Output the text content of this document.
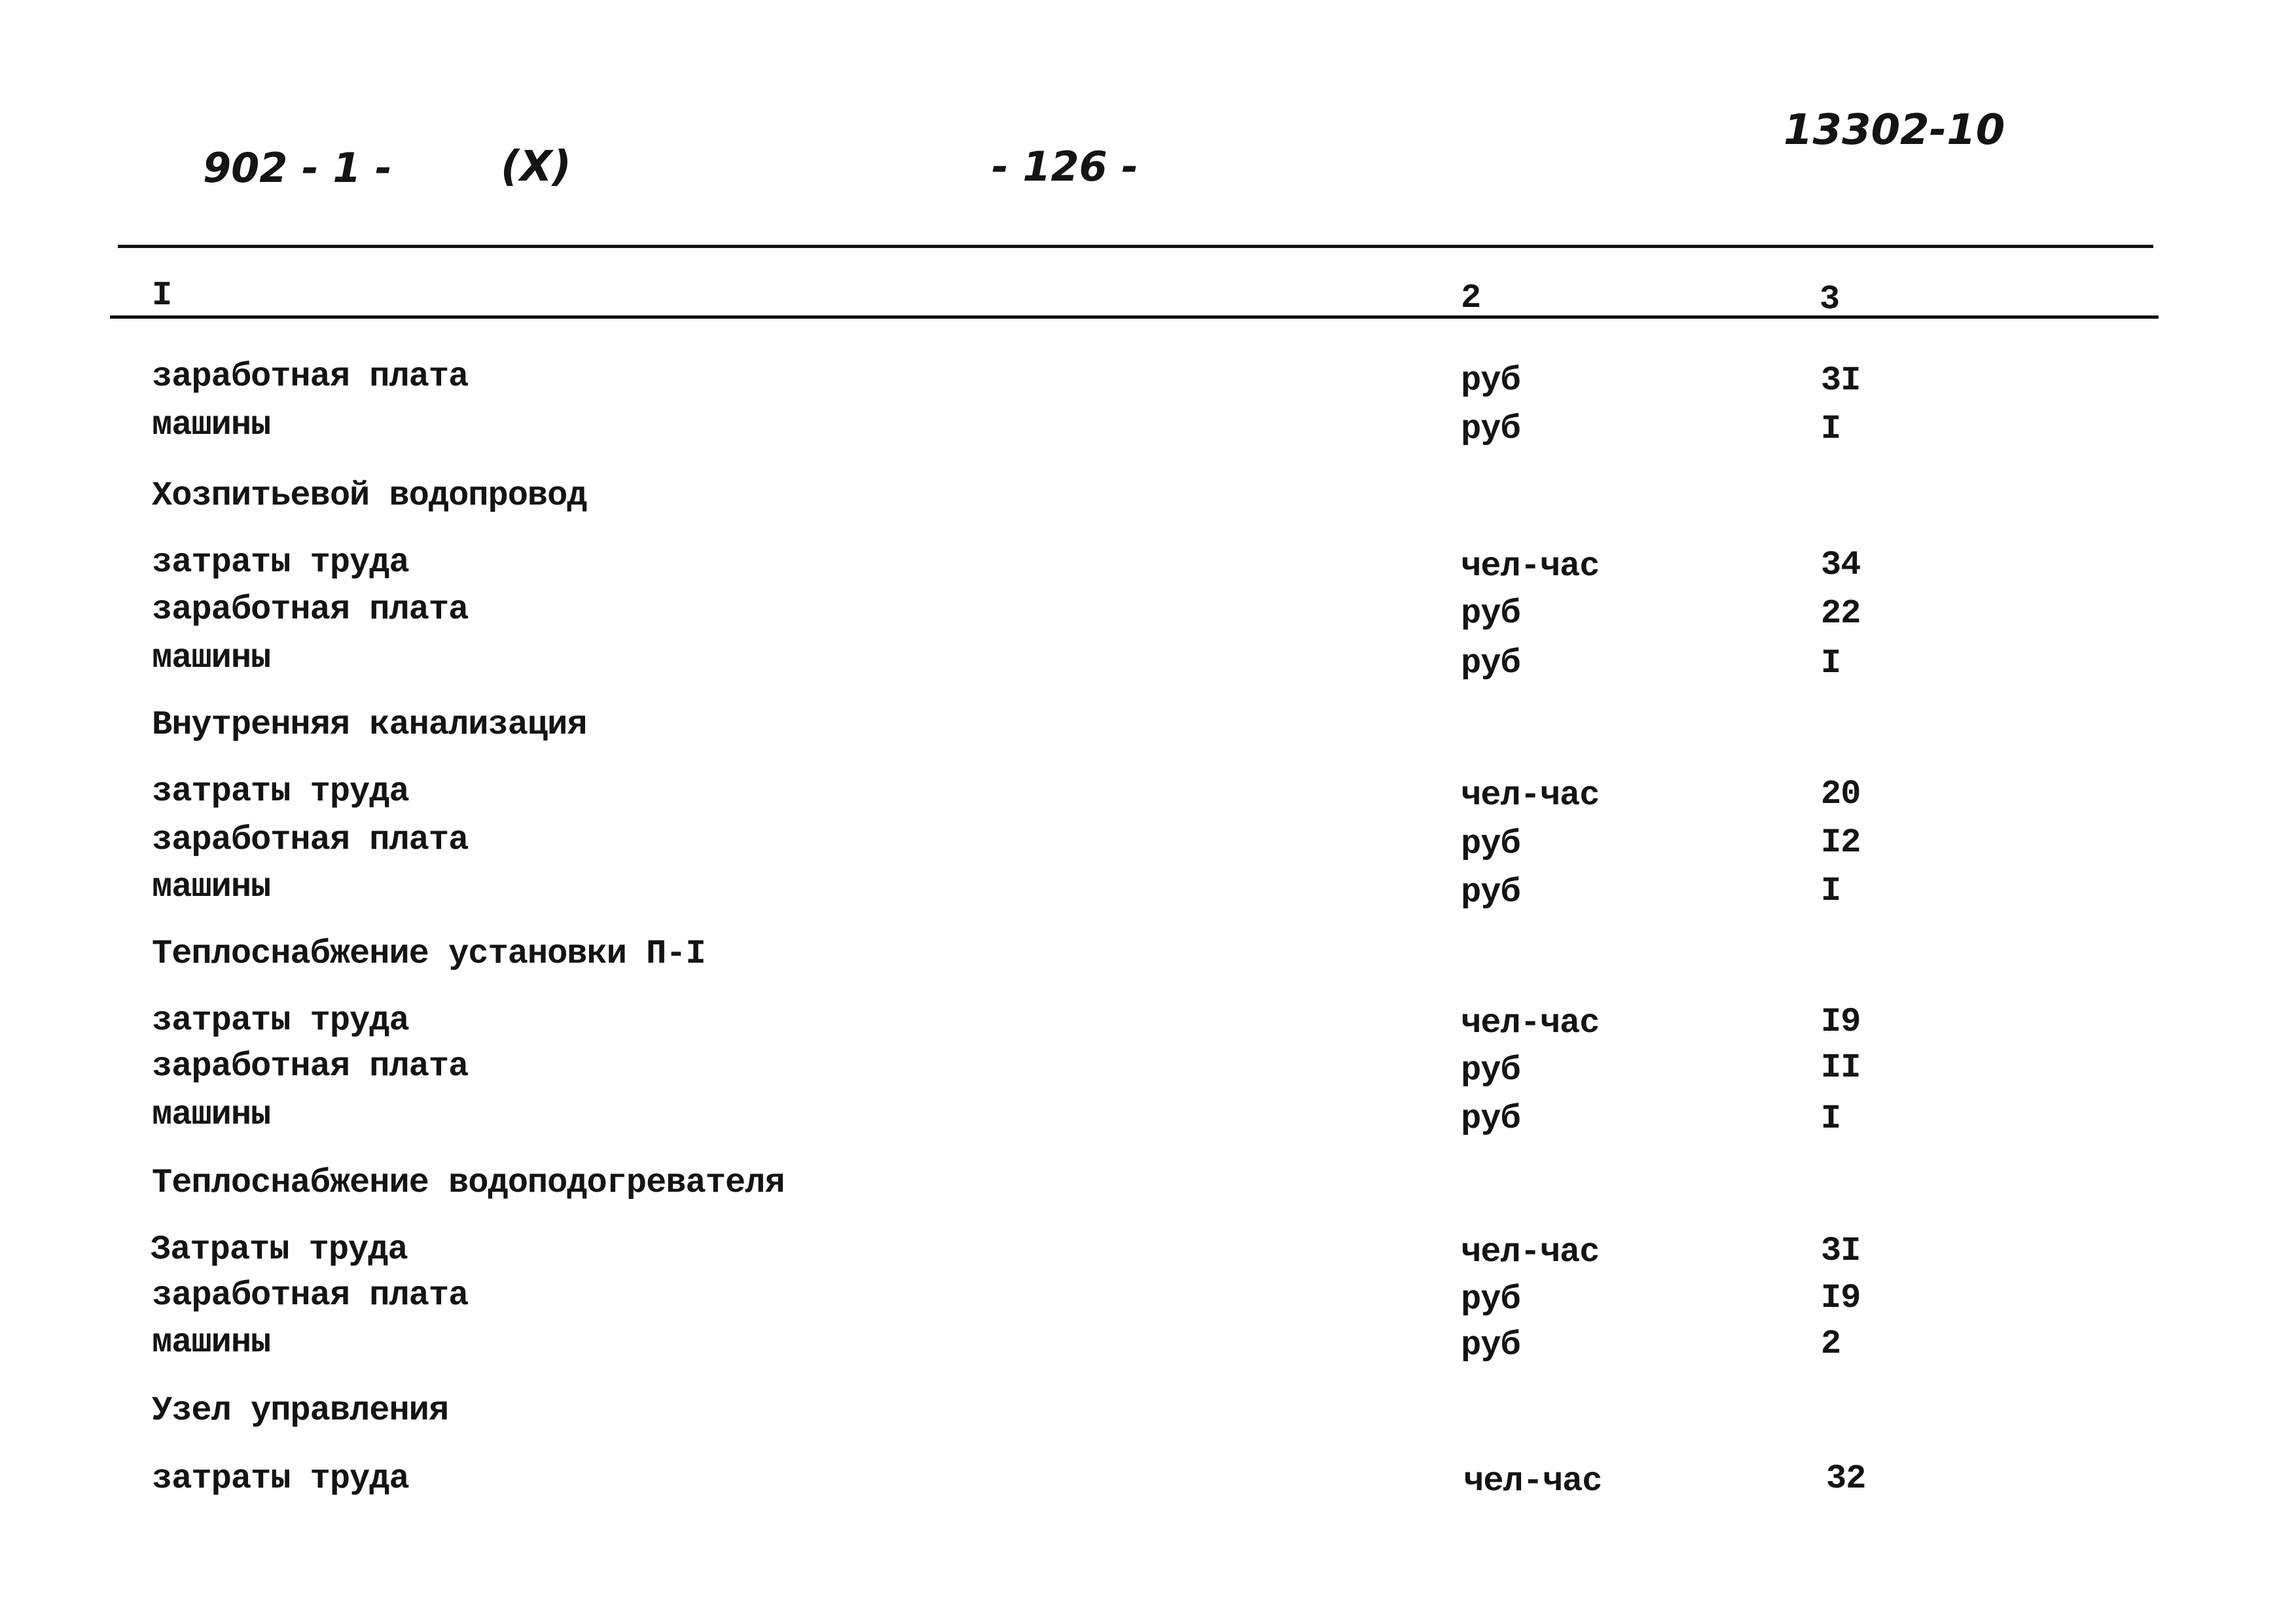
902 - 1 -	(X)	- 126 -
13302-10
I	2	3
заработная плата	руб	3I
машины	руб	I
Хозпитьевой водопровод
затраты труда	чел-час	34
заработная плата	руб	22
машины	руб	I
Внутренняя канализация
затраты труда	чел-час	20
заработная плата	руб	I2
машины	руб	I
Теплоснабжение установки П-I
затраты труда	чел-час	I9
заработная плата	руб	II
машины	руб	I
Теплоснабжение водоподогревателя
Затраты труда	чел-час	3I
заработная плата	руб	I9
машины	руб	2
Узел управления
затраты труда	чел-час	32
